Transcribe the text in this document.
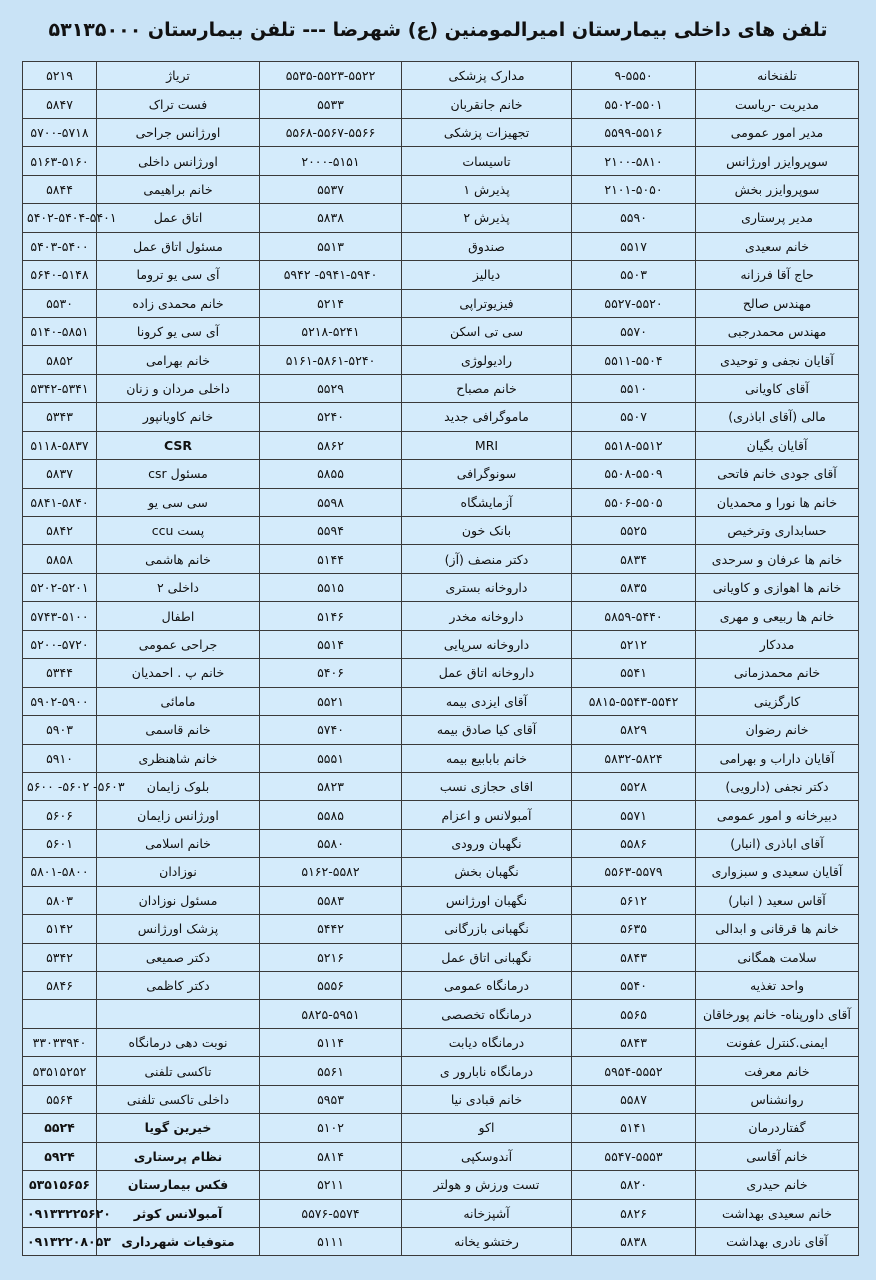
تلفن های داخلی بیمارستان امیرالمومنین (ع) شهرضا --- تلفن بیمارستان ۵۳۱۳۵۰۰۰
تلفنخانه	۹-۵۵۵۰	مدارک پزشکی	۵۵۳۵-۵۵۲۳-۵۵۲۲	تریاژ	۵۲۱۹
مدیریت -ریاست	۵۵۰۲-۵۵۰۱	خانم جانقربان	۵۵۳۳	فست تراک	۵۸۴۷
مدیر امور عمومی	۵۵۹۹-۵۵۱۶	تجهیزات پزشکی	۵۵۶۸-۵۵۶۷-۵۵۶۶	اورژانس جراحی	۵۷۰۰-۵۷۱۸
سوپروایزر اورژانس	۲۱۰۰-۵۸۱۰	تاسیسات	۲۰۰۰-۵۱۵۱	اورژانس داخلی	۵۱۶۳-۵۱۶۰
سوپروایزر بخش	۲۱۰۱-۵۰۵۰	پذیرش ۱	۵۵۳۷	خانم براهیمی	۵۸۴۴
مدیر پرستاری	۵۵۹۰	پذیرش ۲	۵۸۳۸	اتاق عمل	۵۴۰۲-۵۴۰۴-۵۴۰۱
خانم سعیدی	۵۵۱۷	صندوق	۵۵۱۳	مسئول اتاق عمل	۵۴۰۳-۵۴۰۰
حاج آقا فرزانه	۵۵۰۳	دیالیز	۵۹۴۲ -۵۹۴۱-۵۹۴۰	آی سی یو تروما	۵۶۴۰-۵۱۴۸
مهندس صالح	۵۵۲۷-۵۵۲۰	فیزیوتراپی	۵۲۱۴	خانم محمدی زاده	۵۵۳۰
مهندس محمدرجبی	۵۵۷۰	سی تی اسکن	۵۲۱۸-۵۲۴۱	آی سی یو کرونا	۵۱۴۰-۵۸۵۱
آقایان نجفی و توحیدی	۵۵۱۱-۵۵۰۴	رادیولوژی	۵۱۶۱-۵۸۶۱-۵۲۴۰	خانم بهرامی	۵۸۵۲
آقای کاویانی	۵۵۱۰	خانم مصباح	۵۵۲۹	داخلی مردان و زنان	۵۳۴۲-۵۳۴۱
مالی (آقای اباذری)	۵۵۰۷	ماموگرافی جدید	۵۲۴۰	خانم کاویانپور	۵۳۴۳
آقایان بگیان	۵۵۱۸-۵۵۱۲	MRI	۵۸۶۲	CSR	۵۱۱۸-۵۸۳۷
آقای جودی خانم فاتحی	۵۵۰۸-۵۵۰۹	سونوگرافی	۵۸۵۵	مسئول csr	۵۸۳۷
خانم ها نورا و محمدیان	۵۵۰۶-۵۵۰۵	آزمایشگاه	۵۵۹۸	سی سی یو	۵۸۴۱-۵۸۴۰
حسابداری وترخیص	۵۵۲۵	بانک خون	۵۵۹۴	پست ccu	۵۸۴۲
خانم ها عرفان و سرحدی	۵۸۳۴	دکتر منصف (آز)	۵۱۴۴	خانم هاشمی	۵۸۵۸
خانم ها اهوازی و کاویانی	۵۸۳۵	داروخانه بستری	۵۵۱۵	داخلی ۲	۵۲۰۲-۵۲۰۱
خانم ها ربیعی و مهری	۵۸۵۹-۵۴۴۰	داروخانه مخدر	۵۱۴۶	اطفال	۵۷۴۳-۵۱۰۰
مددکار	۵۲۱۲	داروخانه سرپایی	۵۵۱۴	جراحی عمومی	۵۲۰۰-۵۷۲۰
خانم محمدزمانی	۵۵۴۱	داروخانه اتاق عمل	۵۴۰۶	خانم پ . احمدیان	۵۳۴۴
کارگزینی	۵۸۱۵-۵۵۴۳-۵۵۴۲	آقای ایزدی بیمه	۵۵۲۱	مامائی	۵۹۰۲-۵۹۰۰
خانم رضوان	۵۸۲۹	آقای کیا صادق بیمه	۵۷۴۰	خانم قاسمی	۵۹۰۳
آقایان داراب و بهرامی	۵۸۳۲-۵۸۲۴	خانم بابابیع بیمه	۵۵۵۱	خانم شاهنظری	۵۹۱۰
دکتر نجفی (دارویی)	۵۵۲۸	اقای حجازی نسب	۵۸۲۳	بلوک زایمان	۵۶۰۰ -۵۶۰۲ -۵۶۰۳
دبیرخانه و امور عمومی	۵۵۷۱	آمبولانس و اعزام	۵۵۸۵	اورژانس زایمان	۵۶۰۶
آقای اباذری (انبار)	۵۵۸۶	نگهبان ورودی	۵۵۸۰	خانم اسلامی	۵۶۰۱
آقایان سعیدی و سبزواری	۵۵۶۳-۵۵۷۹	نگهبان بخش	۵۱۶۲-۵۵۸۲	نوزادان	۵۸۰۱-۵۸۰۰
آقاس سعید ( انبار)	۵۶۱۲	نگهبان اورژانس	۵۵۸۳	مسئول نوزادان	۵۸۰۳
خانم ها قرقانی و ابدالی	۵۶۳۵	نگهبانی بازرگانی	۵۴۴۲	پزشک اورژانس	۵۱۴۲
سلامت همگانی	۵۸۴۳	نگهبانی اتاق عمل	۵۲۱۶	دکتر صمیعی	۵۳۴۲
واحد تغذیه	۵۵۴۰	درمانگاه عمومی	۵۵۵۶	دکتر کاظمی	۵۸۴۶
آقای داورپناه- خانم پورخاقان	۵۵۶۵	درمانگاه تخصصی	۵۸۲۵-۵۹۵۱		
ایمنی.کنترل عفونت	۵۸۴۳	درمانگاه دیابت	۵۱۱۴	نوبت دهی درمانگاه	۳۳۰۳۳۹۴۰
خانم معرفت	۵۹۵۴-۵۵۵۲	درمانگاه نابارور ی	۵۵۶۱	تاکسی تلفنی	۵۳۵۱۵۲۵۲
روانشناس	۵۵۸۷	خانم قبادی نیا	۵۹۵۳	داخلی تاکسی تلفنی	۵۵۶۴
گفتاردرمان	۵۱۴۱	اکو	۵۱۰۲	خیرین گویا	۵۵۲۴
خانم آقاسی	۵۵۴۷-۵۵۵۳	آندوسکپی	۵۸۱۴	نظام پرستاری	۵۹۲۴
خانم حیدری	۵۸۲۰	تست ورزش و هولتر	۵۲۱۱	فکس بیمارستان	۵۳۵۱۵۶۵۶
خانم سعیدی بهداشت	۵۸۲۶	آشپزخانه	۵۵۷۶-۵۵۷۴	آمبولانس کوثر	۰۹۱۳۳۲۲۵۶۲۰
آقای نادری بهداشت	۵۸۳۸	رختشو یخانه	۵۱۱۱	متوفیات شهرداری	۰۹۱۳۲۲۰۸۰۵۳
